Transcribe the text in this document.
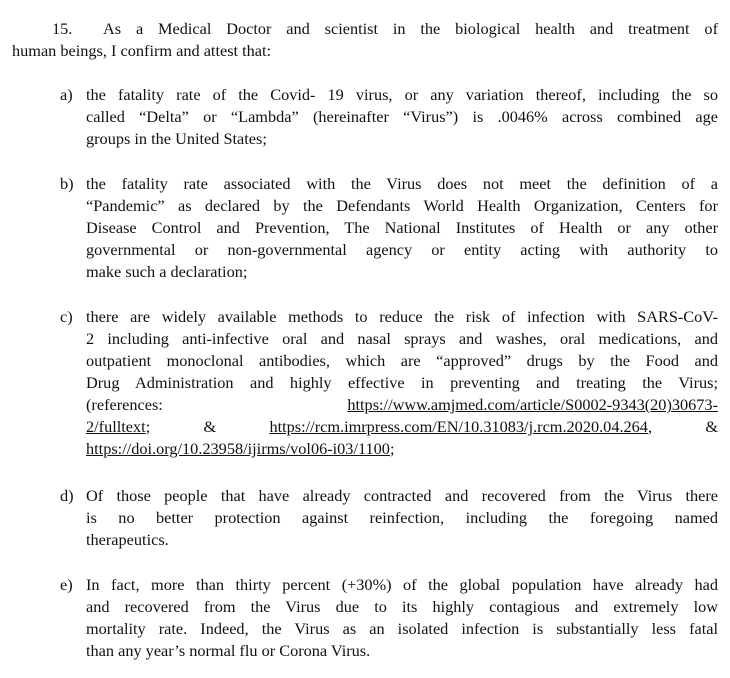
15. As a Medical Doctor and scientist in the biological health and treatment of
human beings, I confirm and attest that:
a) the fatality rate of the Covid- 19 virus, or any variation thereof, including the so
called “Delta” or “Lambda” (hereinafter “Virus”) is .0046% across combined age
groups in the United States;
b) the fatality rate associated with the Virus does not meet the definition of a
“Pandemic” as declared by the Defendants World Health Organization, Centers for
Disease Control and Prevention, The National Institutes of Health or any other
governmental or non-governmental agency or entity acting with authority to
make such a declaration;
c) there are widely available methods to reduce the risk of infection with SARS-CoV-
2 including anti-infective oral and nasal sprays and washes, oral medications, and
outpatient monoclonal antibodies, which are “approved” drugs by the Food and
Drug Administration and highly effective in preventing and treating the Virus;
(references:	https://www.amjmed.com/article/S0002-9343(20)30673-
2/fulltext;	&	https://rcm.imrpress.com/EN/10.31083/j.rcm.2020.04.264,	&
https://doi.org/10.23958/ijirms/vol06-i03/1100;
d) Of those people that have already contracted and recovered from the Virus there
is no better protection against reinfection, including the foregoing named
therapeutics.
e) In fact, more than thirty percent (+30%) of the global population have already had
and recovered from the Virus due to its highly contagious and extremely low
mortality rate. Indeed, the Virus as an isolated infection is substantially less fatal
than any year’s normal flu or Corona Virus.
